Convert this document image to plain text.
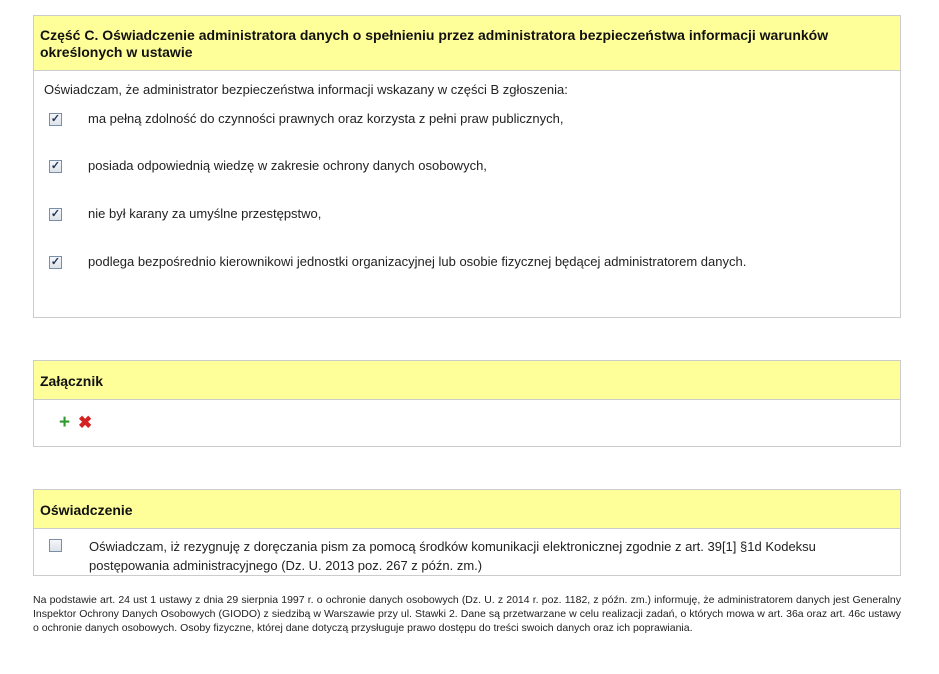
Część C. Oświadczenie administratora danych o spełnieniu przez administratora bezpieczeństwa informacji warunków określonych w ustawie
Oświadczam, że administrator bezpieczeństwa informacji wskazany w części B zgłoszenia:
✓ ma pełną zdolność do czynności prawnych oraz korzysta z pełni praw publicznych,
✓ posiada odpowiednią wiedzę w zakresie ochrony danych osobowych,
✓ nie był karany za umyślne przestępstwo,
✓ podlega bezpośrednio kierownikowi jednostki organizacyjnej lub osobie fizycznej będącej administratorem danych.
Załącznik
+ ✖
Oświadczenie
Oświadczam, iż rezygnuję z doręczania pism za pomocą środków komunikacji elektronicznej zgodnie z art. 39[1] §1d Kodeksu postępowania administracyjnego (Dz. U. 2013 poz. 267 z późn. zm.)
Na podstawie art. 24 ust 1 ustawy z dnia 29 sierpnia 1997 r. o ochronie danych osobowych (Dz. U. z 2014 r. poz. 1182, z późn. zm.) informuję, że administratorem danych jest Generalny Inspektor Ochrony Danych Osobowych (GIODO) z siedzibą w Warszawie przy ul. Stawki 2. Dane są przetwarzane w celu realizacji zadań, o których mowa w art. 36a oraz art. 46c ustawy o ochronie danych osobowych. Osoby fizyczne, której dane dotyczą przysługuje prawo dostępu do treści swoich danych oraz ich poprawiania.
